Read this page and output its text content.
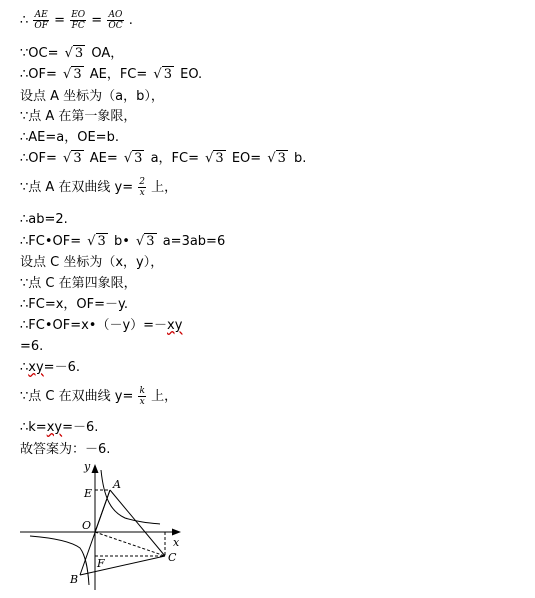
∴ $\frac{AE}{OF} = \frac{EO}{FC} = \frac{AO}{OC}$ .
∵OC= √ 3 OA，
∴OF= √ 3 AE，FC= √ 3 EO.
设点 A 坐标为（a，b），
∵点 A 在第一象限，
∴AE=a，OE=b.
∴OF= √ 3 AE= √ 3 a，FC= √ 3 EO= √ 3 b.
∵点 A 在双曲线 $y= \frac{2}{x}$ 上，
∴ab=2.
∴FC•OF= √ 3 b• √ 3 a=3ab=6
设点 C 坐标为（x，y），
∵点 C 在第四象限，
∴FC=x，OF=－y.
∴FC•OF=x•（－y）=－xy
=6.
∴xy=－6.
∵点 C 在双曲线 $y= \frac{k}{x}$ 上，
∴k=xy=－6.
故答案为：－6.
y
E
A
O
x
F	C
B
